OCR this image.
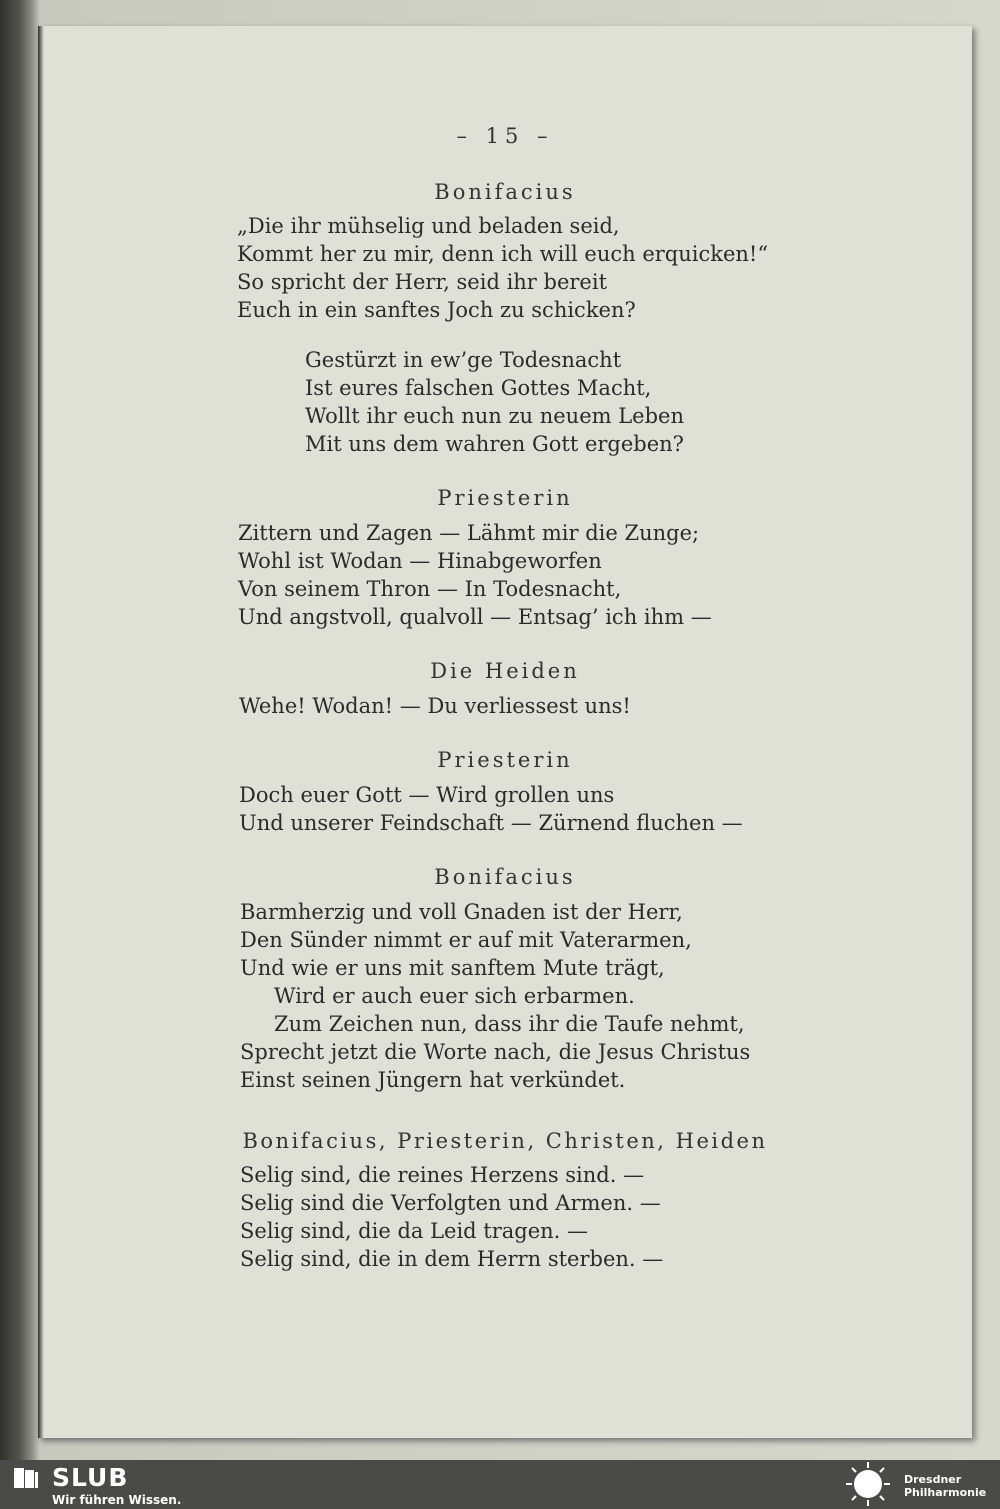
– 15 –
Bonifacius
„Die ihr mühselig und beladen seid,
Kommt her zu mir, denn ich will euch erquicken!“
So spricht der Herr, seid ihr bereit
Euch in ein sanftes Joch zu schicken?
Gestürzt in ew’ge Todesnacht
Ist eures falschen Gottes Macht,
Wollt ihr euch nun zu neuem Leben
Mit uns dem wahren Gott ergeben?
Priesterin
Zittern und Zagen — Lähmt mir die Zunge;
Wohl ist Wodan — Hinabgeworfen
Von seinem Thron — In Todesnacht,
Und angstvoll, qualvoll — Entsag’ ich ihm —
Die Heiden
Wehe! Wodan! — Du verliessest uns!
Priesterin
Doch euer Gott — Wird grollen uns
Und unserer Feindschaft — Zürnend fluchen —
Bonifacius
Barmherzig und voll Gnaden ist der Herr,
Den Sünder nimmt er auf mit Vaterarmen,
Und wie er uns mit sanftem Mute trägt,
Wird er auch euer sich erbarmen.
Zum Zeichen nun, dass ihr die Taufe nehmt,
Sprecht jetzt die Worte nach, die Jesus Christus
Einst seinen Jüngern hat verkündet.
Bonifacius, Priesterin, Christen, Heiden
Selig sind, die reines Herzens sind. —
Selig sind die Verfolgten und Armen. —
Selig sind, die da Leid tragen. —
Selig sind, die in dem Herrn sterben. —
SLUB
Wir führen Wissen.
Dresdner
Philharmonie
